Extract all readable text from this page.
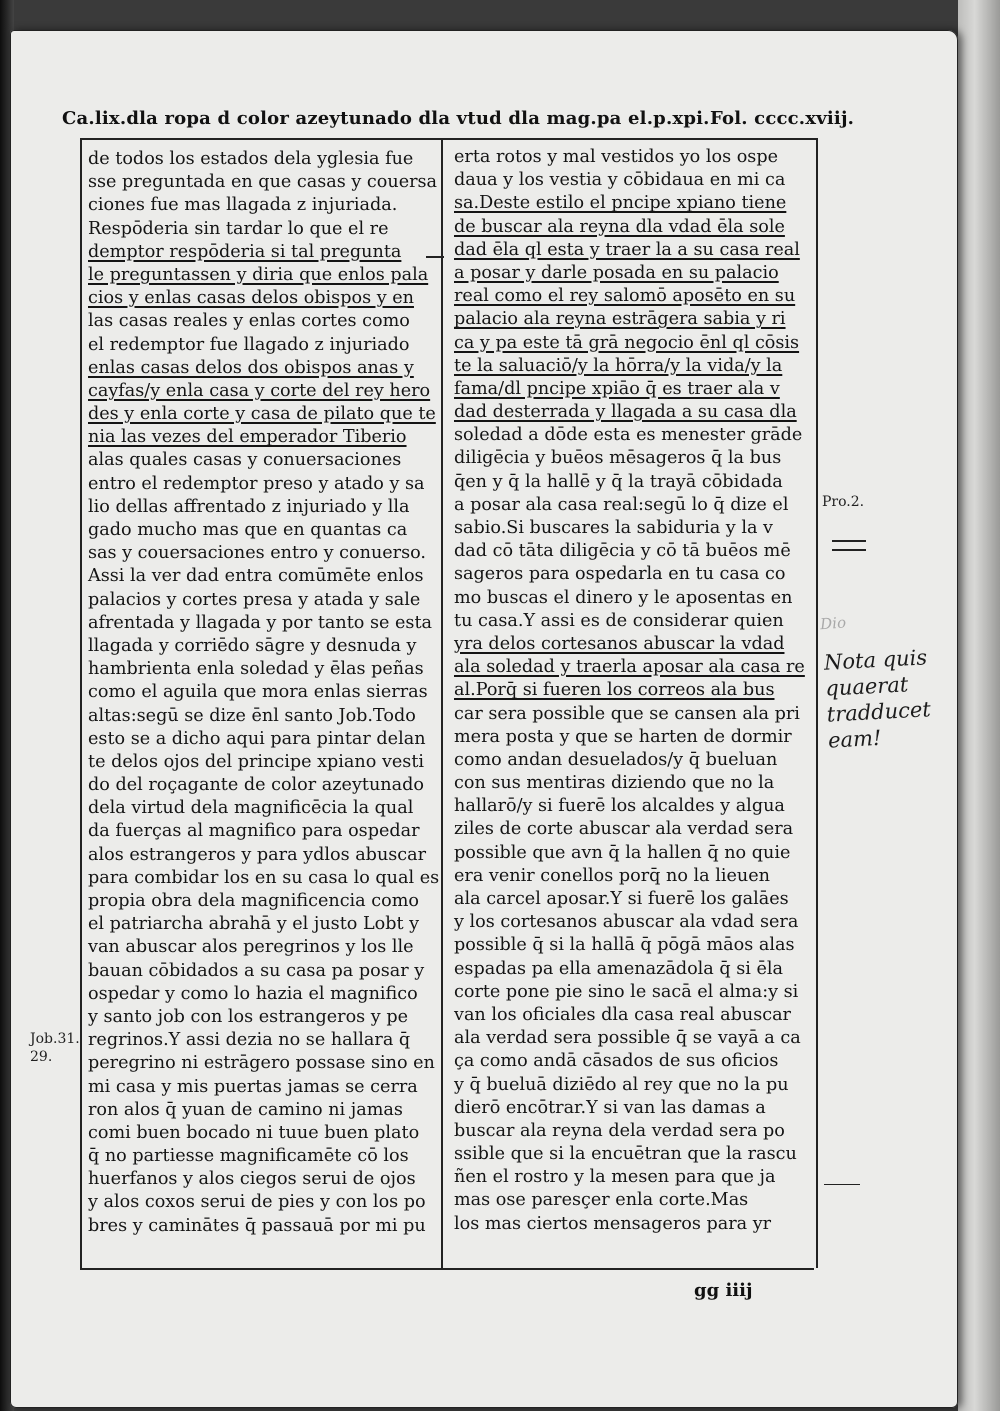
Ca.lix.dla ropa d color azeytunado dla vtud dla mag.pa el.p.xpi. Fol. cccc.xviij.
de todos los estados dela yglesia fue
sse preguntada en que casas y couersa
ciones fue mas llagada z injuriada.
Respōderia sin tardar lo que el re
demptor respōderia si tal pregunta
le preguntassen y diria que enlos pala
cios y enlas casas delos obispos y en
las casas reales y enlas cortes como
el redemptor fue llagado z injuriado
enlas casas delos dos obispos anas y
cayfas/y enla casa y corte del rey hero
des y enla corte y casa de pilato que te
nia las vezes del emperador Tiberio
alas quales casas y conuersaciones
entro el redemptor preso y atado y sa
lio dellas affrentado z injuriado y lla
gado mucho mas que en quantas ca
sas y couersaciones entro y conuerso.
Assi la ver dad entra comūmēte enlos
palacios y cortes presa y atada y sale
afrentada y llagada y por tanto se esta
llagada y corriēdo sāgre y desnuda y
hambrienta enla soledad y ēlas peñas
como el aguila que mora enlas sierras
altas:segū se dize ēnl santo Job.Todo
esto se a dicho aqui para pintar delan
te delos ojos del principe xpiano vesti
do del roçagante de color azeytunado
dela virtud dela magnificēcia la qual
da fuerças al magnifico para ospedar
alos estrangeros y para ydlos abuscar
para combidar los en su casa lo qual es
propia obra dela magnificencia como
el patriarcha abrahā y el justo Lobt y
van abuscar alos peregrinos y los lle
bauan cōbidados a su casa pa posar y
ospedar y como lo hazia el magnifico
y santo job con los estrangeros y pe
regrinos.Y assi dezia no se hallara q̄
peregrino ni estrāgero possase sino en
mi casa y mis puertas jamas se cerra
ron alos q̄ yuan de camino ni jamas
comi buen bocado ni tuue buen plato
q̄ no partiesse magnificamēte cō los
huerfanos y alos ciegos serui de ojos
y alos coxos serui de pies y con los po
bres y caminātes q̄ passauā por mi pu
erta rotos y mal vestidos yo los ospe
daua y los vestia y cōbidaua en mi ca
sa.Deste estilo el pncipe xpiano tiene
de buscar ala reyna dla vdad ēla sole
dad ēla ql esta y traer la a su casa real
a posar y darle posada en su palacio
real como el rey salomō aposēto en su
palacio ala reyna estrāgera sabia y ri
ca y pa este tā grā negocio ēnl ql cōsis
te la saluaciō/y la hōrra/y la vida/y la
fama/dl pncipe xpiāo q̄ es traer ala v
dad desterrada y llagada a su casa dla
soledad a dōde esta es menester grāde
diligēcia y buēos mēsageros q̄ la bus
q̄en y q̄ la hallē y q̄ la trayā cōbidada
a posar ala casa real:segū lo q̄ dize el
sabio.Si buscares la sabiduria y la v
dad cō tāta diligēcia y cō tā buēos mē
sageros para ospedarla en tu casa co
mo buscas el dinero y le aposentas en
tu casa.Y assi es de considerar quien
yra delos cortesanos abuscar la vdad
ala soledad y traerla aposar ala casa re
al.Porq̄ si fueren los correos ala bus
car sera possible que se cansen ala pri
mera posta y que se harten de dormir
como andan desuelados/y q̄ bueluan
con sus mentiras diziendo que no la
hallarō/y si fuerē los alcaldes y algua
ziles de corte abuscar ala verdad sera
possible que avn q̄ la hallen q̄ no quie
era venir conellos porq̄ no la lieuen
ala carcel aposar.Y si fuerē los galāes
y los cortesanos abuscar ala vdad sera
possible q̄ si la hallā q̄ pōgā māos alas
espadas pa ella amenazādola q̄ si ēla
corte pone pie sino le sacā el alma:y si
van los oficiales dla casa real abuscar
ala verdad sera possible q̄ se vayā a ca
ça como andā cāsados de sus oficios
y q̄ bueluā diziēdo al rey que no la pu
dierō encōtrar.Y si van las damas a
buscar ala reyna dela verdad sera po
ssible que si la encuētran que la rascu
ñen el rostro y la mesen para que ja
mas ose paresçer enla corte.Mas
los mas ciertos mensageros para yr
Job.31. 29.
Pro.2.
Dio
Nota quis quaerat tradducet eam!
gg iiij
